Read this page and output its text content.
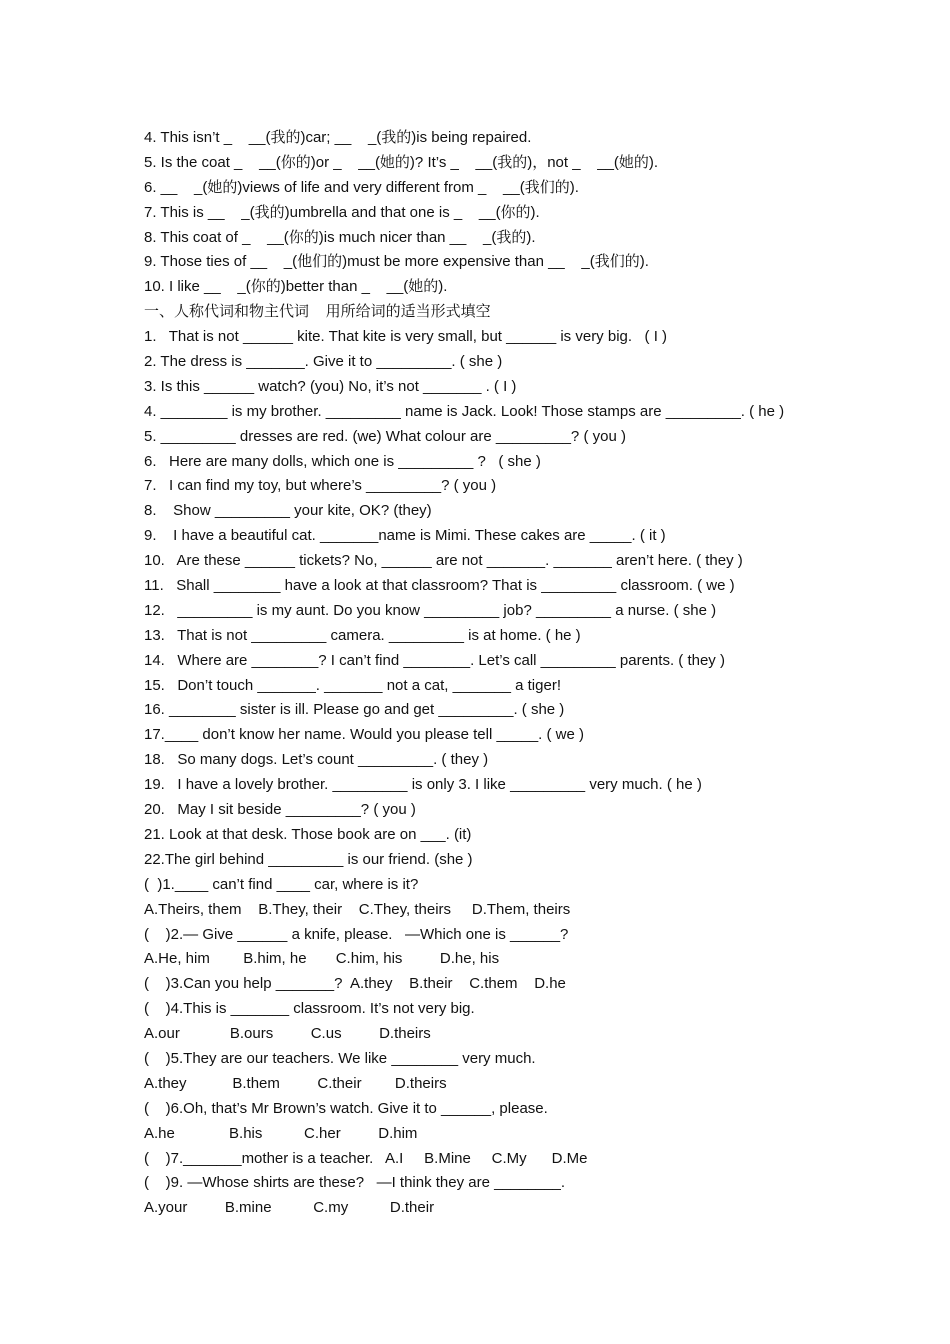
4. This isn’t _    __(我的)car; __    _(我的)is being repaired.
5. Is the coat _    __(你的)or _    __(她的)? It’s _    __(我的)，not _    __(她的).
6. __    _(她的)views of life and very different from _    __(我们的).
7. This is __    _(我的)umbrella and that one is _    __(你的).
8. This coat of _    __(你的)is much nicer than __    _(我的).
9. Those ties of __    _(他们的)must be more expensive than __    _(我们的).
10. I like __    _(你的)better than _    __(她的).
一、人称代词和物主代词    用所给词的适当形式填空
1.   That is not ______ kite. That kite is very small, but ______ is very big.   ( I )
2. The dress is _______. Give it to _________. ( she )
3. Is this ______ watch? (you) No, it’s not _______ . ( I )
4. ________ is my brother. _________ name is Jack. Look! Those stamps are _________. ( he )
5. _________ dresses are red. (we) What colour are _________? ( you )
6.   Here are many dolls, which one is _________ ?   ( she )
7.   I can find my toy, but where’s _________? ( you )
8.    Show _________ your kite, OK? (they)
9.    I have a beautiful cat. _______name is Mimi. These cakes are _____. ( it )
10.   Are these ______ tickets? No, ______ are not _______. _______ aren’t here. ( they )
11.   Shall ________ have a look at that classroom? That is _________ classroom. ( we )
12.   _________ is my aunt. Do you know _________ job? _________ a nurse. ( she )
13.   That is not _________ camera. _________ is at home. ( he )
14.   Where are ________? I can’t find ________. Let’s call _________ parents. ( they )
15.   Don’t touch _______. _______ not a cat, _______ a tiger!
16. ________ sister is ill. Please go and get _________. ( she )
17.____ don’t know her name. Would you please tell _____. ( we )
18.   So many dogs. Let’s count _________. ( they )
19.   I have a lovely brother. _________ is only 3. I like _________ very much. ( he )
20.   May I sit beside _________? ( you )
21. Look at that desk. Those book are on ___. (it)
22.The girl behind _________ is our friend. (she )
(  )1.____ can’t find ____ car, where is it?
A.Theirs, them    B.They, their    C.They, theirs     D.Them, theirs
(    )2.— Give ______ a knife, please.   —Which one is ______?
A.He, him        B.him, he       C.him, his         D.he, his
(    )3.Can you help _______?  A.they    B.their    C.them    D.he
(    )4.This is _______ classroom. It’s not very big.
A.our            B.ours         C.us         D.theirs
(    )5.They are our teachers. We like ________ very much.
A.they           B.them         C.their        D.theirs
(    )6.Oh, that’s Mr Brown’s watch. Give it to ______, please.
A.he             B.his          C.her         D.him
(    )7._______mother is a teacher.   A.I     B.Mine     C.My      D.Me
(    )9. —Whose shirts are these?   —I think they are ________.
A.your         B.mine          C.my          D.their
